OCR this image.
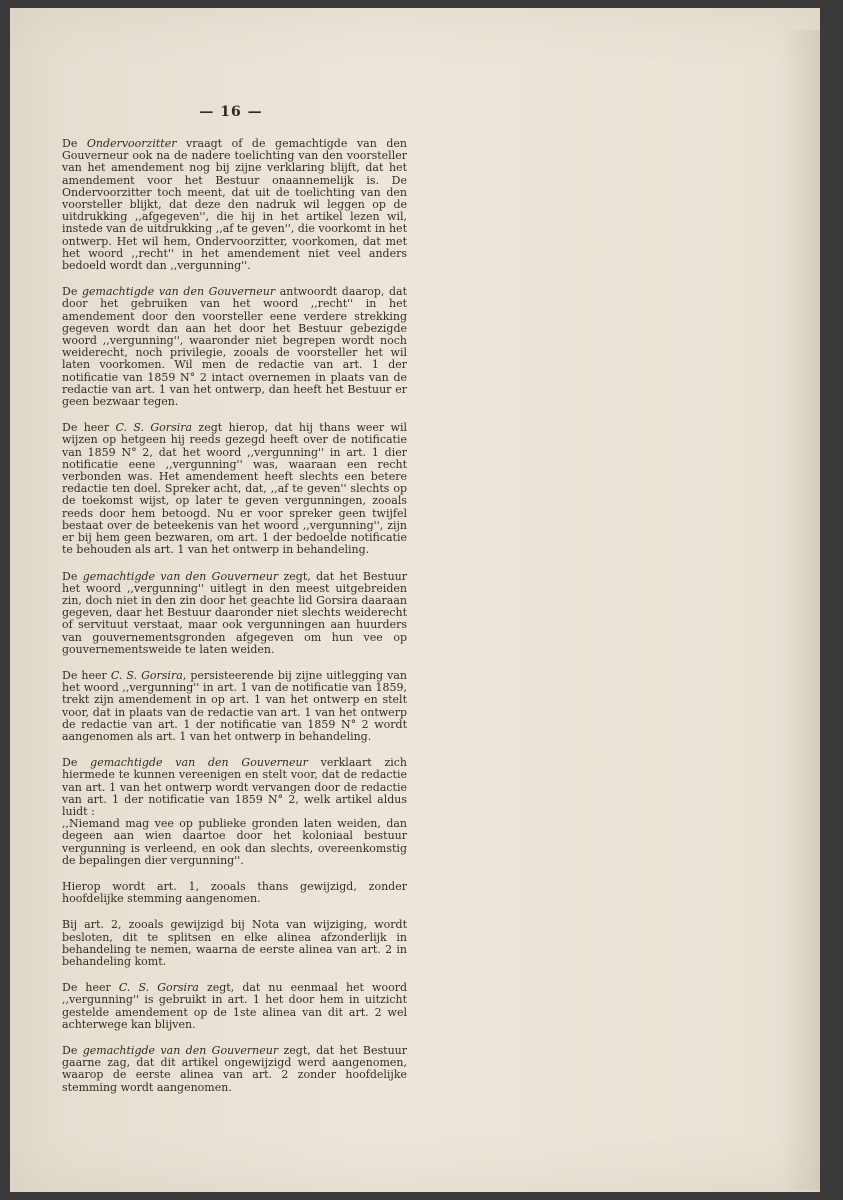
— 16 —

De Ondervoorzitter vraagt of de gemachtigde van den Gouverneur ook na de nadere toelichting van den voorsteller van het amendement nog bij zijne verklaring blijft, dat het amendement voor het Bestuur onaannemelijk is. De Ondervoorzitter toch meent, dat uit de toelichting van den voorsteller blijkt, dat deze den nadruk wil leggen op de uitdrukking ,,afgegeven'', die hij in het artikel lezen wil, instede van de uitdrukking ,,af te geven'', die voorkomt in het ontwerp. Het wil hem, Ondervoorzitter, voorkomen, dat met het woord ,,recht'' in het amendement niet veel anders bedoeld wordt dan ,,vergunning''.

De gemachtigde van den Gouverneur antwoordt daarop, dat door het gebruiken van het woord ,,recht'' in het amendement door den voorsteller eene verdere strekking gegeven wordt dan aan het door het Bestuur gebezigde woord ,,vergunning'', waaronder niet begrepen wordt noch weiderecht, noch privilegie, zooals de voorsteller het wil laten voorkomen. Wil men de redactie van art. 1 der notificatie van 1859 N° 2 intact overnemen in plaats van de redactie van art. 1 van het ontwerp, dan heeft het Bestuur er geen bezwaar tegen.

De heer C. S. Gorsira zegt hierop, dat hij thans weer wil wijzen op hetgeen hij reeds gezegd heeft over de notificatie van 1859 N° 2, dat het woord ,,vergunning'' in art. 1 dier notificatie eene ,,vergunning'' was, waaraan een recht verbonden was. Het amendement heeft slechts een betere redactie ten doel. Spreker acht, dat, ,,af te geven'' slechts op de toekomst wijst, op later te geven vergunningen, zooals reeds door hem betoogd. Nu er voor spreker geen twijfel bestaat over de beteekenis van het woord ,,vergunning'', zijn er bij hem geen bezwaren, om art. 1 der bedoelde notificatie te behouden als art. 1 van het ontwerp in behandeling.

De gemachtigde van den Gouverneur zegt, dat het Bestuur het woord ,,vergunning'' uitlegt in den meest uitgebreiden zin, doch niet in den zin door het geachte lid Gorsira daaraan gegeven, daar het Bestuur daaronder niet slechts weiderecht of servituut verstaat, maar ook vergunningen aan huurders van gouvernementsgronden afgegeven om hun vee op gouvernementsweide te laten weiden.

De heer C. S. Gorsira, persisteerende bij zijne uitlegging van het woord ,,vergunning'' in art. 1 van de notificatie van 1859, trekt zijn amendement in op art. 1 van het ontwerp en stelt voor, dat in plaats van de redactie van art. 1 van het ontwerp de redactie van art. 1 der notificatie van 1859 N° 2 wordt aangenomen als art. 1 van het ontwerp in behandeling.

De gemachtigde van den Gouverneur verklaart zich hiermede te kunnen vereenigen en stelt voor, dat de redactie van art. 1 van het ontwerp wordt vervangen door de redactie van art. 1 der notificatie van 1859 N° 2, welk artikel aldus luidt :

,,Niemand mag vee op publieke gronden laten weiden, dan degeen aan wien daartoe door het koloniaal bestuur vergunning is verleend, en ook dan slechts, overeenkomstig de bepalingen dier vergunning''.

Hierop wordt art. 1, zooals thans gewijzigd, zonder hoofdelijke stemming aangenomen.

Bij art. 2, zooals gewijzigd bij Nota van wijziging, wordt besloten, dit te splitsen en elke alinea afzonderlijk in behandeling te nemen, waarna de eerste alinea van art. 2 in behandeling komt.

De heer C. S. Gorsira zegt, dat nu eenmaal het woord ,,vergunning'' is gebruikt in art. 1 het door hem in uitzicht gestelde amendement op de 1ste alinea van dit art. 2 wel achterwege kan blijven.

De gemachtigde van den Gouverneur zegt, dat het Bestuur gaarne zag, dat dit artikel ongewijzigd werd aangenomen, waarop de eerste alinea van art. 2 zonder hoofdelijke stemming wordt aangenomen.
